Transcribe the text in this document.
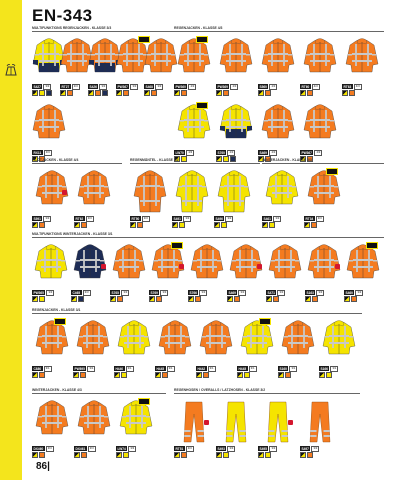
EN-343
86|
MULTIFUNKTIONS REGENJACKEN - KLASSE 3/3
S427	3/3	RT27	3/3	S426	3/3	PW367	3/3	S468	3/3
RX11	3/3
REGENJACKEN - KLASSE 4/3
PW360	4/3	PW369	4/3	S560	4/3	RT60	4/3	RT63	4/3
LW70	4/3	S760	4/3	S469	4/3	PW367	4/3
PILOTJACKEN - KLASSE 4/4
S591	3/3	RT62	3/3
REGENMÄNTEL - KLASSE 3/2
RT50	3/3	S491	3/3	S496	3/3
WINTERJACKEN - KLASSE 3/3
S461	3/3	RT34	3/3
MULTIFUNKTIONS WINTERJACKEN - KLASSE 3/1
PW365	3/3	C465	3/3	S765	3/3	S769	3/3	S766	3/3	S469	3/3	S471	3/3	S163	3/3	S460	3/3
REGENJACKEN - KLASSE 3/1
C880	3/1	PW895	3/1	H440	3/1	H445	3/1	H442	3/1	H445	3/1	S160	3/1	S166	3/1
WINTERJACKEN - KLASSE 4/3
DX460	3/3	DX461	3/3	LW74	3/3
REGENHOSEN / OVERALLS / LATZHOSEN - KLASSE 3/2
RT51	3/3	S493	3/3	S495	3/3	S497	3/3
